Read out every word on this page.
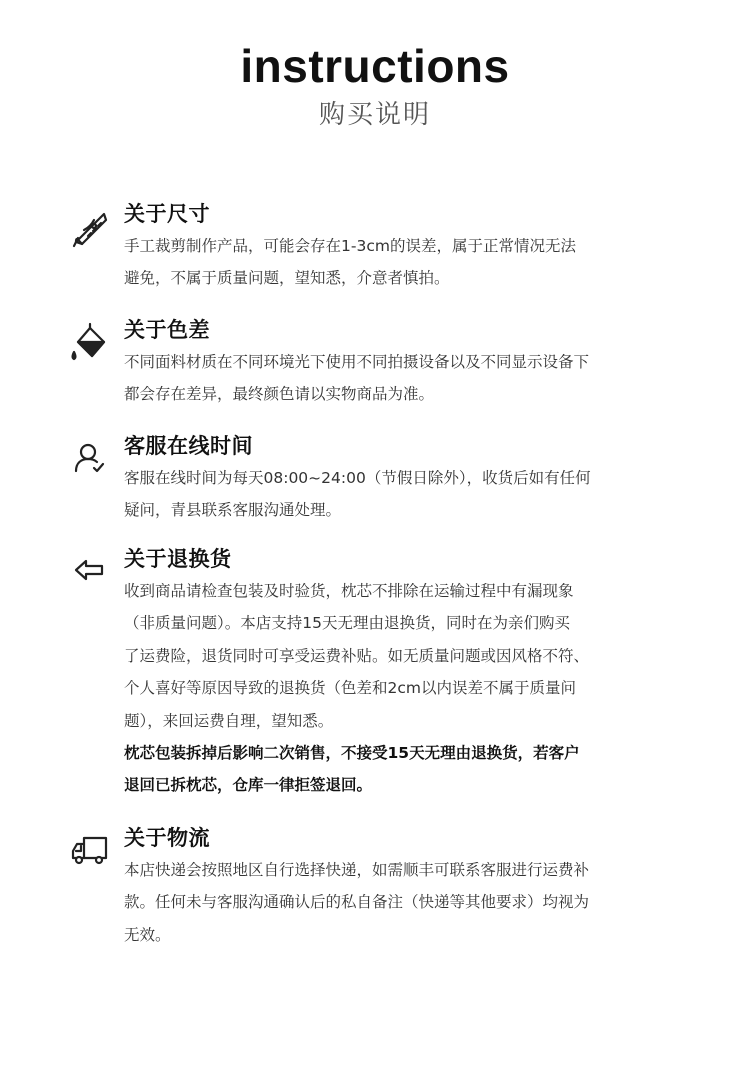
instructions
购买说明
关于尺寸

手工裁剪制作产品，可能会存在1-3cm的误差，属于正常情况无法

避免，不属于质量问题，望知悉，介意者慎拍。

关于色差

不同面料材质在不同环境光下使用不同拍摄设备以及不同显示设备下

都会存在差异，最终颜色请以实物商品为准。

客服在线时间

客服在线时间为每天08:00~24:00（节假日除外），收货后如有任何

疑问，青县联系客服沟通处理。

关于退换货

收到商品请检查包装及时验货，枕芯不排除在运输过程中有漏现象

（非质量问题）。本店支持15天无理由退换货，同时在为亲们购买

了运费险，退货同时可享受运费补贴。如无质量问题或因风格不符、

个人喜好等原因导致的退换货（色差和2cm以内误差不属于质量问

题），来回运费自理，望知悉。

枕芯包装拆掉后影响二次销售，不接受15天无理由退换货，若客户

退回已拆枕芯，仓库一律拒签退回。

关于物流

本店快递会按照地区自行选择快递，如需顺丰可联系客服进行运费补

款。任何未与客服沟通确认后的私自备注（快递等其他要求）均视为

无效。
